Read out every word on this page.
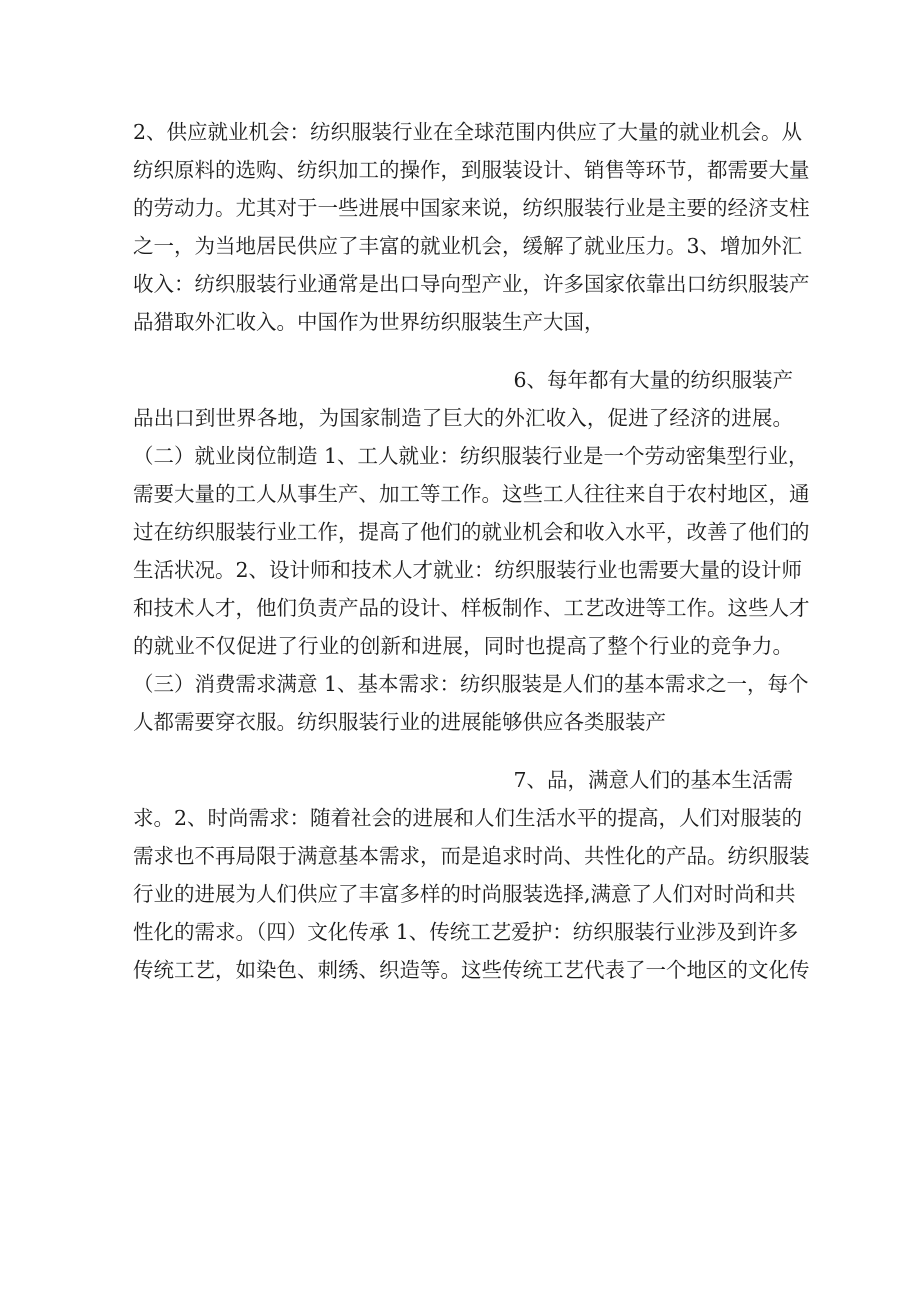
2、供应就业机会：纺织服装行业在全球范围内供应了大量的就业机会。从
纺织原料的选购、纺织加工的操作，到服装设计、销售等环节，都需要大量
的劳动力。尤其对于一些进展中国家来说，纺织服装行业是主要的经济支柱
之一，为当地居民供应了丰富的就业机会，缓解了就业压力。3、增加外汇
收入：纺织服装行业通常是出口导向型产业，许多国家依靠出口纺织服装产
品猎取外汇收入。中国作为世界纺织服装生产大国，
6、每年都有大量的纺织服装产
品出口到世界各地，为国家制造了巨大的外汇收入，促进了经济的进展。
（二）就业岗位制造 1、工人就业：纺织服装行业是一个劳动密集型行业，
需要大量的工人从事生产、加工等工作。这些工人往往来自于农村地区，通
过在纺织服装行业工作，提高了他们的就业机会和收入水平，改善了他们的
生活状况。2、设计师和技术人才就业：纺织服装行业也需要大量的设计师
和技术人才，他们负责产品的设计、样板制作、工艺改进等工作。这些人才
的就业不仅促进了行业的创新和进展，同时也提高了整个行业的竞争力。
（三）消费需求满意 1、基本需求：纺织服装是人们的基本需求之一，每个
人都需要穿衣服。纺织服装行业的进展能够供应各类服装产
7、品，满意人们的基本生活需
求。2、时尚需求：随着社会的进展和人们生活水平的提高，人们对服装的
需求也不再局限于满意基本需求，而是追求时尚、共性化的产品。纺织服装
行业的进展为人们供应了丰富多样的时尚服装选择,满意了人们对时尚和共
性化的需求。（四）文化传承 1、传统工艺爱护：纺织服装行业涉及到许多
传统工艺，如染色、刺绣、织造等。这些传统工艺代表了一个地区的文化传
